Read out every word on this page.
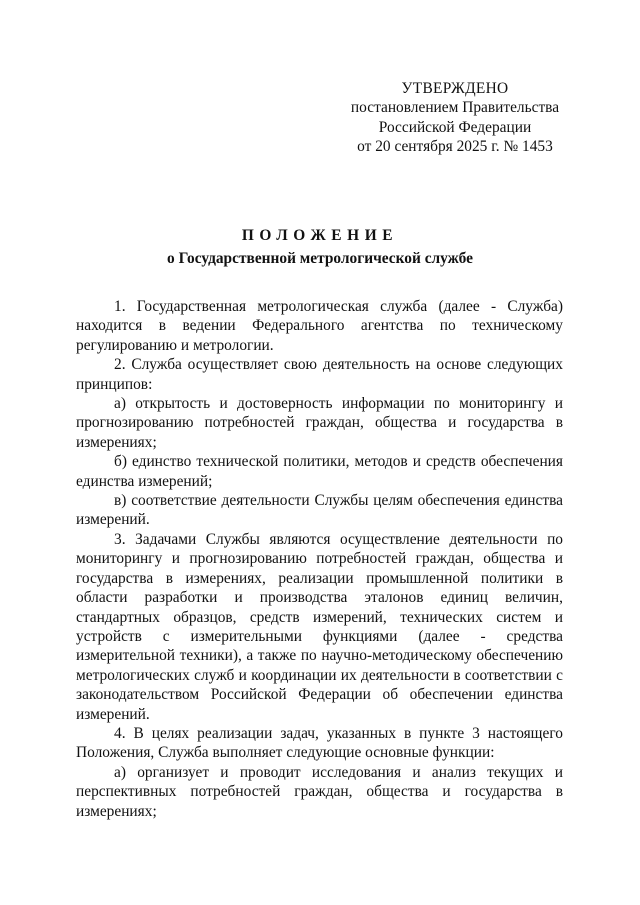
УТВЕРЖДЕНО
постановлением Правительства
Российской Федерации
от 20 сентября 2025 г. № 1453
ПОЛОЖЕНИЕ
о Государственной метрологической службе

1. Государственная метрологическая служба (далее - Служба) находится в ведении Федерального агентства по техническому регулированию и метрологии.

2. Служба осуществляет свою деятельность на основе следующих принципов:

а) открытость и достоверность информации по мониторингу и прогнозированию потребностей граждан, общества и государства в измерениях;

б) единство технической политики, методов и средств обеспечения единства измерений;

в) соответствие деятельности Службы целям обеспечения единства измерений.

3. Задачами Службы являются осуществление деятельности по мониторингу и прогнозированию потребностей граждан, общества и государства в измерениях, реализации промышленной политики в области разработки и производства эталонов единиц величин, стандартных образцов, средств измерений, технических систем и устройств с измерительными функциями (далее - средства измерительной техники), а также по научно-методическому обеспечению метрологических служб и координации их деятельности в соответствии с законодательством Российской Федерации об обеспечении единства измерений.

4. В целях реализации задач, указанных в пункте 3 настоящего Положения, Служба выполняет следующие основные функции:

а) организует и проводит исследования и анализ текущих и перспективных потребностей граждан, общества и государства в измерениях;
